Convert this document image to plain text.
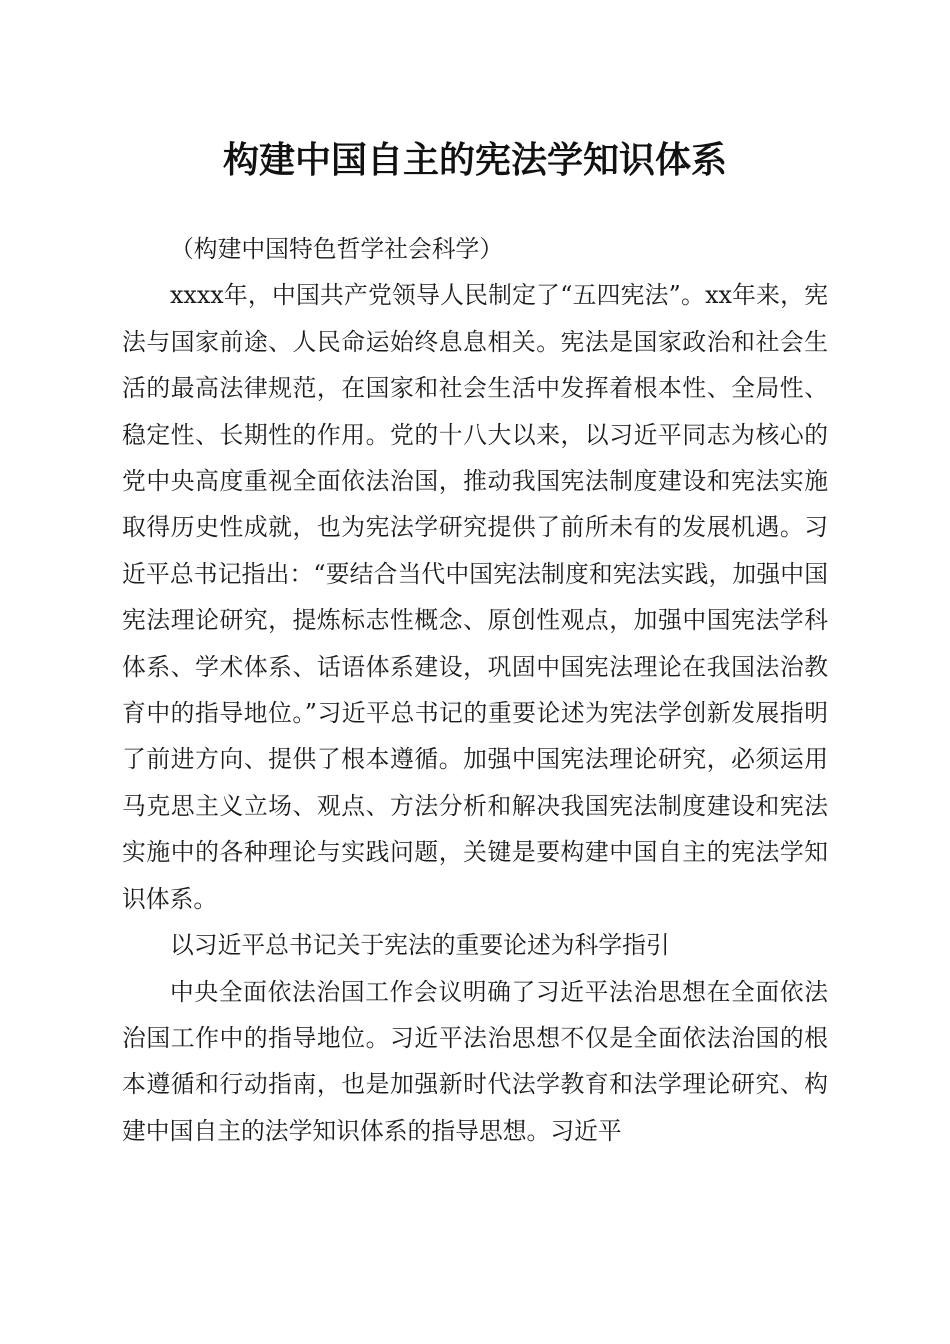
构建中国自主的宪法学知识体系

（构建中国特色哲学社会科学）

xxxx年，中国共产党领导人民制定了“五四宪法”。xx年来，宪法与国家前途、人民命运始终息息相关。宪法是国家政治和社会生活的最高法律规范，在国家和社会生活中发挥着根本性、全局性、稳定性、长期性的作用。党的十八大以来，以习近平同志为核心的党中央高度重视全面依法治国，推动我国宪法制度建设和宪法实施取得历史性成就，也为宪法学研究提供了前所未有的发展机遇。习近平总书记指出：“要结合当代中国宪法制度和宪法实践，加强中国宪法理论研究，提炼标志性概念、原创性观点，加强中国宪法学科体系、学术体系、话语体系建设，巩固中国宪法理论在我国法治教育中的指导地位。”习近平总书记的重要论述为宪法学创新发展指明了前进方向、提供了根本遵循。加强中国宪法理论研究，必须运用马克思主义立场、观点、方法分析和解决我国宪法制度建设和宪法实施中的各种理论与实践问题，关键是要构建中国自主的宪法学知识体系。

以习近平总书记关于宪法的重要论述为科学指引

中央全面依法治国工作会议明确了习近平法治思想在全面依法治国工作中的指导地位。习近平法治思想不仅是全面依法治国的根本遵循和行动指南，也是加强新时代法学教育和法学理论研究、构建中国自主的法学知识体系的指导思想。习近平
